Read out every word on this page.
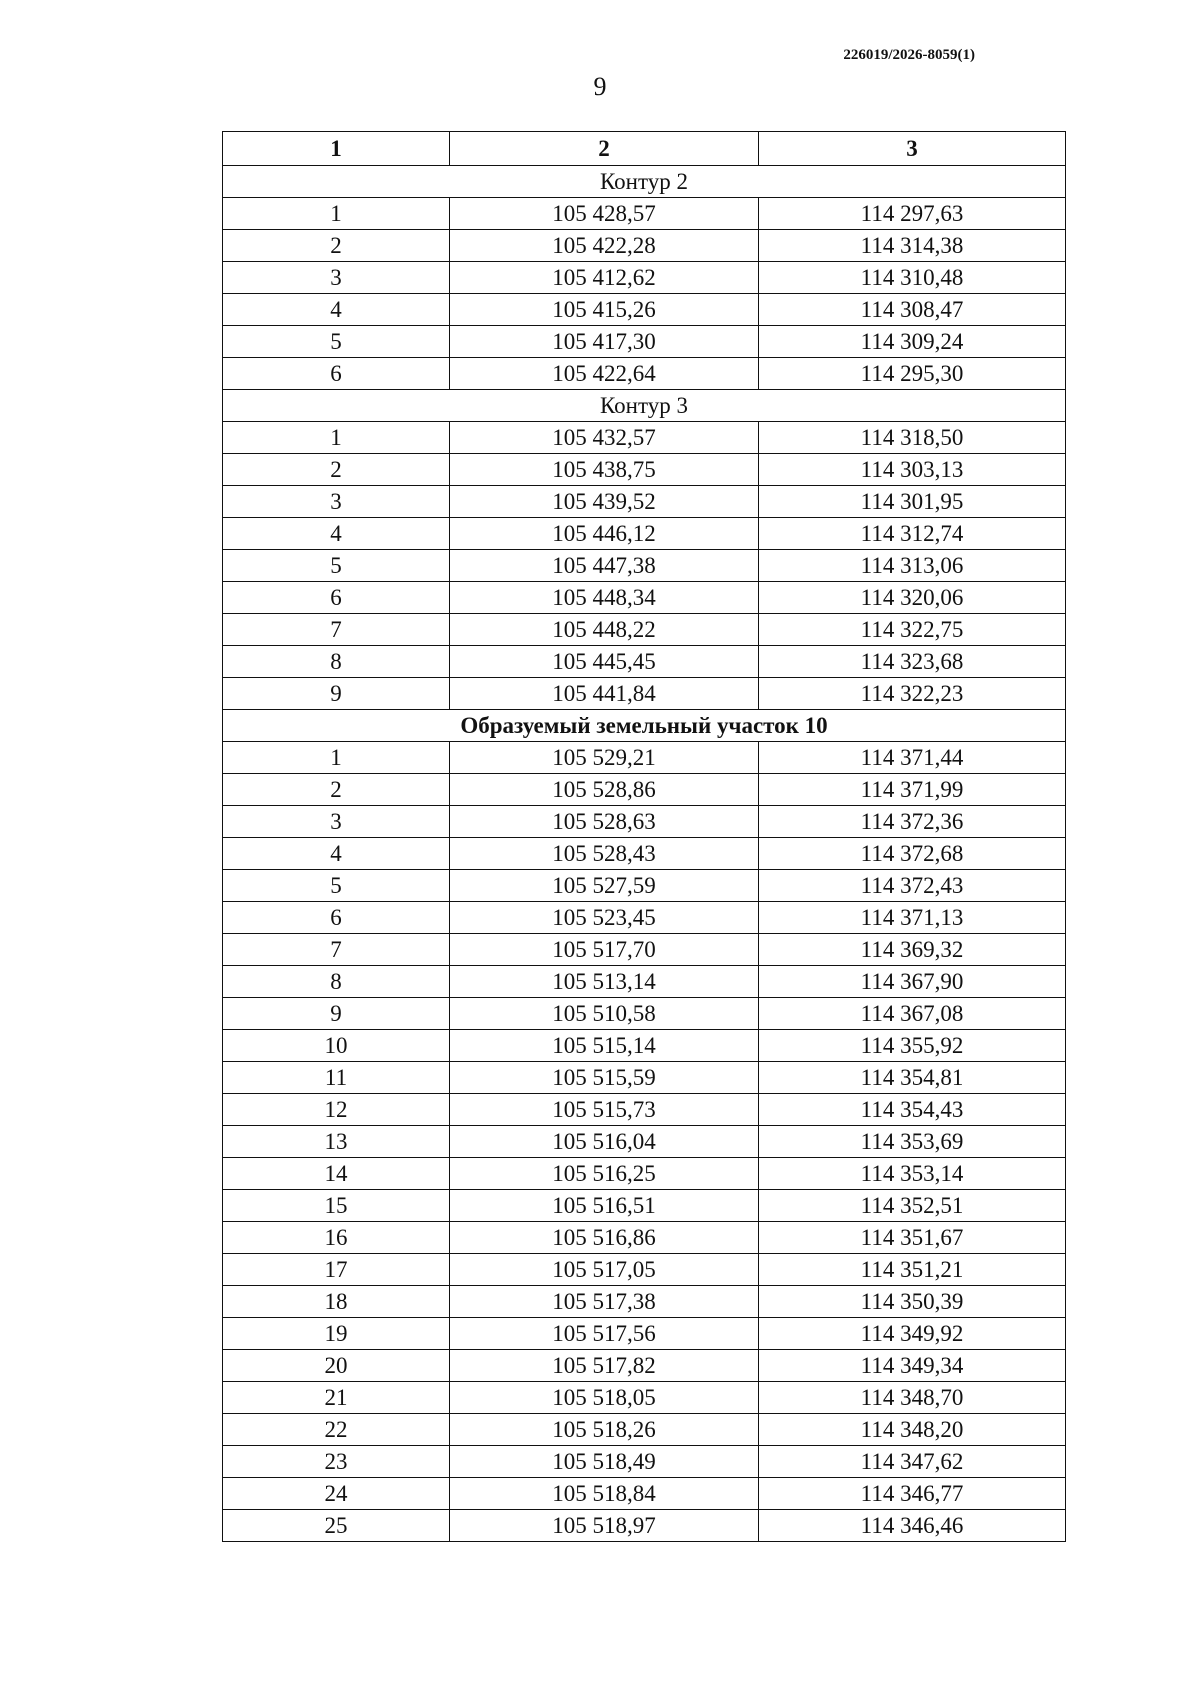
226019/2026-8059(1)
9
1	2	3
Контур 2		
1	105 428,57	114 297,63
2	105 422,28	114 314,38
3	105 412,62	114 310,48
4	105 415,26	114 308,47
5	105 417,30	114 309,24
6	105 422,64	114 295,30
Контур 3		
1	105 432,57	114 318,50
2	105 438,75	114 303,13
3	105 439,52	114 301,95
4	105 446,12	114 312,74
5	105 447,38	114 313,06
6	105 448,34	114 320,06
7	105 448,22	114 322,75
8	105 445,45	114 323,68
9	105 441,84	114 322,23
Образуемый земельный участок 10		
1	105 529,21	114 371,44
2	105 528,86	114 371,99
3	105 528,63	114 372,36
4	105 528,43	114 372,68
5	105 527,59	114 372,43
6	105 523,45	114 371,13
7	105 517,70	114 369,32
8	105 513,14	114 367,90
9	105 510,58	114 367,08
10	105 515,14	114 355,92
11	105 515,59	114 354,81
12	105 515,73	114 354,43
13	105 516,04	114 353,69
14	105 516,25	114 353,14
15	105 516,51	114 352,51
16	105 516,86	114 351,67
17	105 517,05	114 351,21
18	105 517,38	114 350,39
19	105 517,56	114 349,92
20	105 517,82	114 349,34
21	105 518,05	114 348,70
22	105 518,26	114 348,20
23	105 518,49	114 347,62
24	105 518,84	114 346,77
25	105 518,97	114 346,46
